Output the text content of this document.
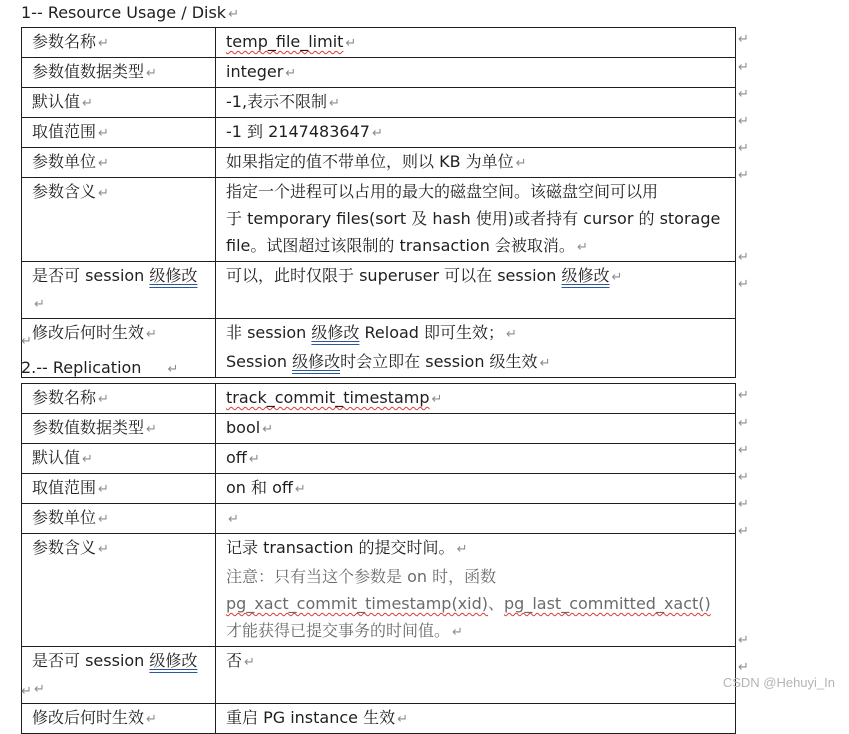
1-- Resource Usage / Disk ↵
参数名称 ↵	temp_file_limit ↵
参数值数据类型 ↵	integer ↵
默认值 ↵	-1,表示不限制 ↵
取值范围 ↵	-1 到 2147483647 ↵
参数单位 ↵	如果指定的值不带单位，则以 KB 为单位 ↵
参数含义 ↵	指定一个进程可以占用的最大的磁盘空间。该磁盘空间可以用
于 temporary files(sort 及 hash 使用)或者持有 cursor 的 storage
file。试图超过该限制的 transaction 会被取消。 ↵

是否可 session 级修改↵	可以，此时仅限于 superuser 可以在 session 级修改 ↵
修改后何时生效 ↵	非 session 级修改 Reload 即可生效； ↵
Session 级修改时会立即在 session 级生效 ↵
↵
↵
↵
↵
↵
↵
↵
↵
↵
2.-- Replication ↵
参数名称 ↵	track_commit_timestamp ↵
参数值数据类型 ↵	bool ↵
默认值 ↵	off ↵
取值范围 ↵	on 和 off ↵
参数单位 ↵	↵
参数含义 ↵	记录 transaction 的提交时间。 ↵
注意：只有当这个参数是 on 时，函数
pg_xact_commit_timestamp(xid)、pg_last_committed_xact()
才能获得已提交事务的时间值。 ↵

是否可 session 级修改↵	否 ↵
修改后何时生效 ↵	重启 PG instance 生效 ↵
↵
↵
↵
↵
↵
↵
↵
↵
↵
CSDN @Hehuyi_In
